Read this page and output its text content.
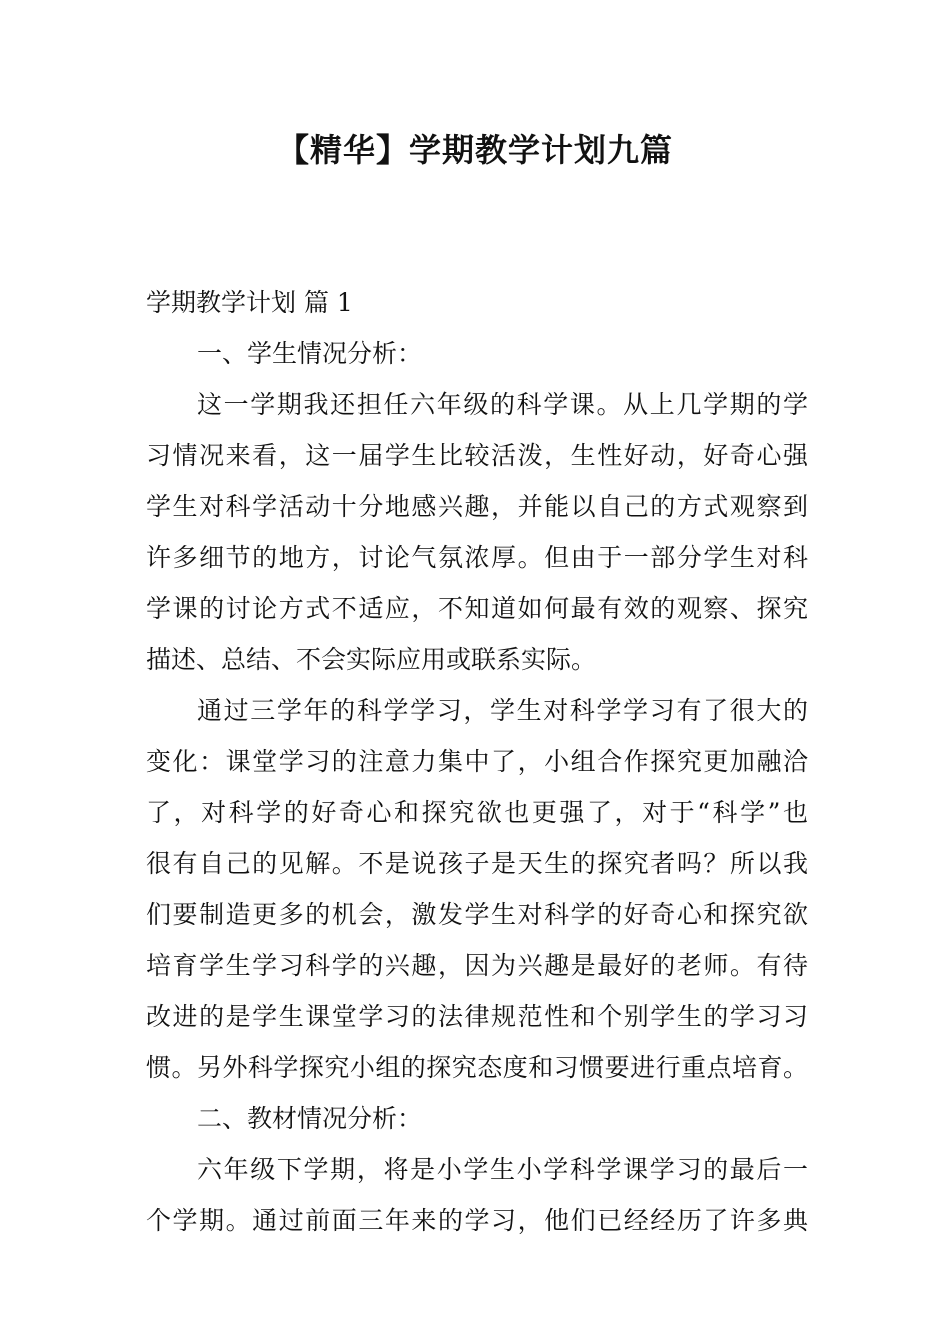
【精华】学期教学计划九篇
学期教学计划 篇 1
一、学生情况分析：
这一学期我还担任六年级的科学课。从上几学期的学
习情况来看，这一届学生比较活泼，生性好动，好奇心强
学生对科学活动十分地感兴趣，并能以自己的方式观察到
许多细节的地方，讨论气氛浓厚。但由于一部分学生对科
学课的讨论方式不适应，不知道如何最有效的观察、探究
描述、总结、不会实际应用或联系实际。
通过三学年的科学学习，学生对科学学习有了很大的
变化：课堂学习的注意力集中了，小组合作探究更加融洽
了，对科学的好奇心和探究欲也更强了，对于“科学”也
很有自己的见解。不是说孩子是天生的探究者吗？所以我
们要制造更多的机会，激发学生对科学的好奇心和探究欲
培育学生学习科学的兴趣，因为兴趣是最好的老师。有待
改进的是学生课堂学习的法律规范性和个别学生的学习习
惯。另外科学探究小组的探究态度和习惯要进行重点培育。
二、教材情况分析：
六年级下学期，将是小学生小学科学课学习的最后一
个学期。通过前面三年来的学习，他们已经经历了许多典
